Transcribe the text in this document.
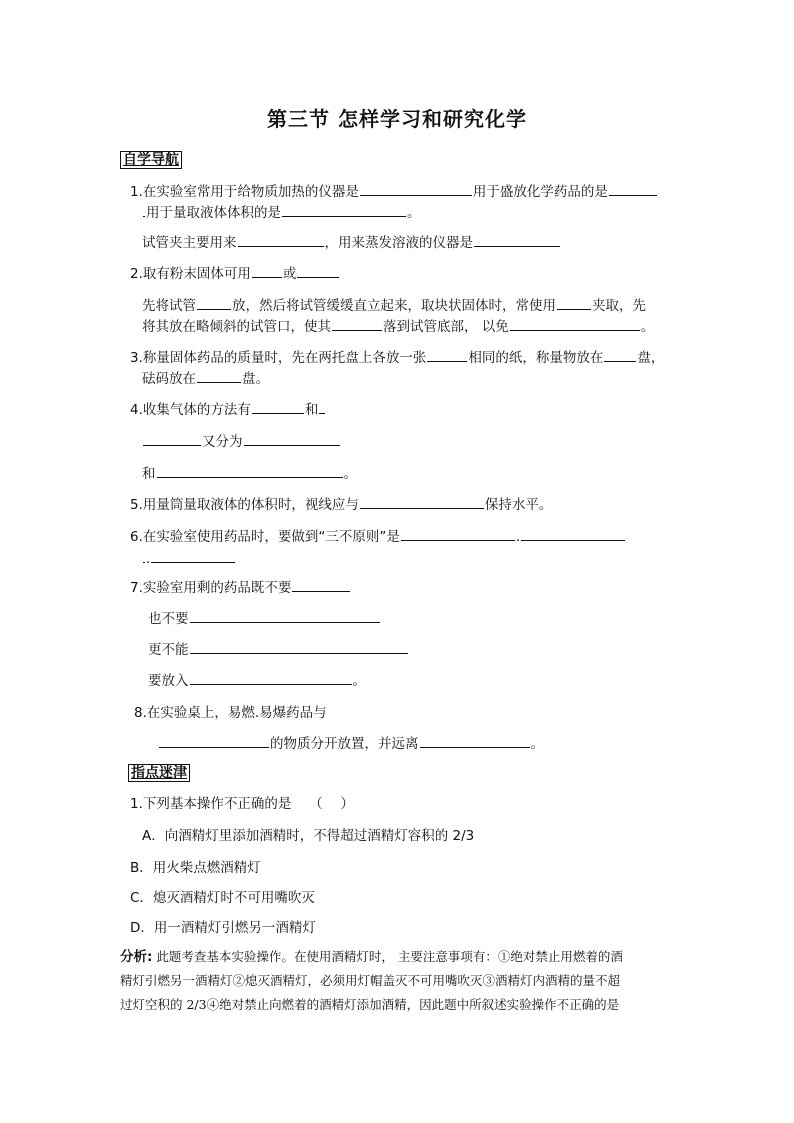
第三节 怎样学习和研究化学
自学导航
1.在实验室常用于给物质加热的仪器是	用于盛放化学药品的是
用于量取液体体积的是	。
试管夹主要用来	，用来蒸发溶液的仪器是
2.取有粉末固体可用 或
先将试管	放，然后将试管缓缓直立起来，取块状固体时，常使用	夹取，先
将其放在略倾斜的试管口，使其	落到试管底部， 以免	。
3.称量固体药品的质量时，先在两托盘上各放一张	相同的纸，称量物放在	盘，
砝码放在	盘。
4.收集气体的方法有	和
又分为
和	。
5.用量筒量取液体的体积时，视线应与	保持水平。
6.在实验室使用药品时，要做到“三不原则”是	.
.
7.实验室用剩的药品既不要
也不要
更不能
要放入	。
8.在实验桌上，易燃.易爆药品与
的物质分开放置，并远离	。
指点迷津
1.下列基本操作不正确的是　 （　 ）
A．向酒精灯里添加酒精时，不得超过酒精灯容积的 2/3
B．用火柴点燃酒精灯
C．熄灭酒精灯时不可用嘴吹灭
D．用一酒精灯引燃另一酒精灯
分析: 此题考查基本实验操作。在使用酒精灯时， 主要注意事项有：①绝对禁止用燃着的酒
精灯引燃另一酒精灯②熄灭酒精灯，必须用灯帽盖灭不可用嘴吹灭③酒精灯内酒精的量不超
过灯空积的 2/3④绝对禁止向燃着的酒精灯添加酒精，因此题中所叙述实验操作不正确的是
